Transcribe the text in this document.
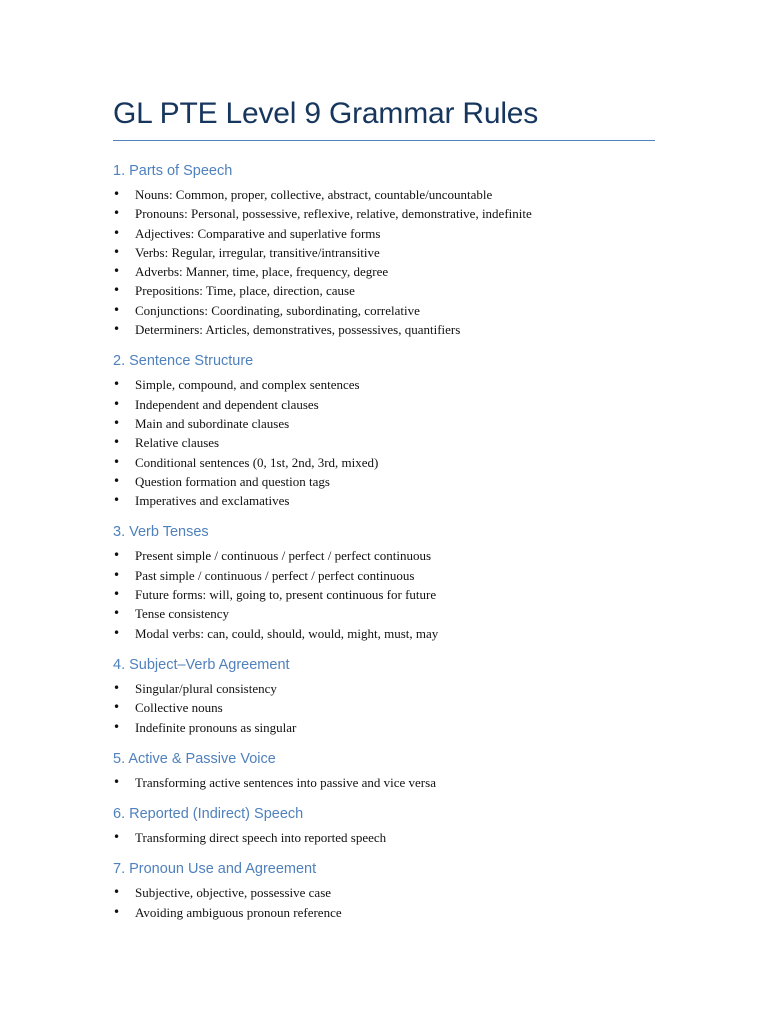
GL PTE Level 9 Grammar Rules
1. Parts of Speech
• Nouns: Common, proper, collective, abstract, countable/uncountable
• Pronouns: Personal, possessive, reflexive, relative, demonstrative, indefinite
• Adjectives: Comparative and superlative forms
• Verbs: Regular, irregular, transitive/intransitive
• Adverbs: Manner, time, place, frequency, degree
• Prepositions: Time, place, direction, cause
• Conjunctions: Coordinating, subordinating, correlative
• Determiners: Articles, demonstratives, possessives, quantifiers
2. Sentence Structure
• Simple, compound, and complex sentences
• Independent and dependent clauses
• Main and subordinate clauses
• Relative clauses
• Conditional sentences (0, 1st, 2nd, 3rd, mixed)
• Question formation and question tags
• Imperatives and exclamatives
3. Verb Tenses
• Present simple / continuous / perfect / perfect continuous
• Past simple / continuous / perfect / perfect continuous
• Future forms: will, going to, present continuous for future
• Tense consistency
• Modal verbs: can, could, should, would, might, must, may
4. Subject–Verb Agreement
• Singular/plural consistency
• Collective nouns
• Indefinite pronouns as singular
5. Active & Passive Voice
• Transforming active sentences into passive and vice versa
6. Reported (Indirect) Speech
• Transforming direct speech into reported speech
7. Pronoun Use and Agreement
• Subjective, objective, possessive case
• Avoiding ambiguous pronoun reference
